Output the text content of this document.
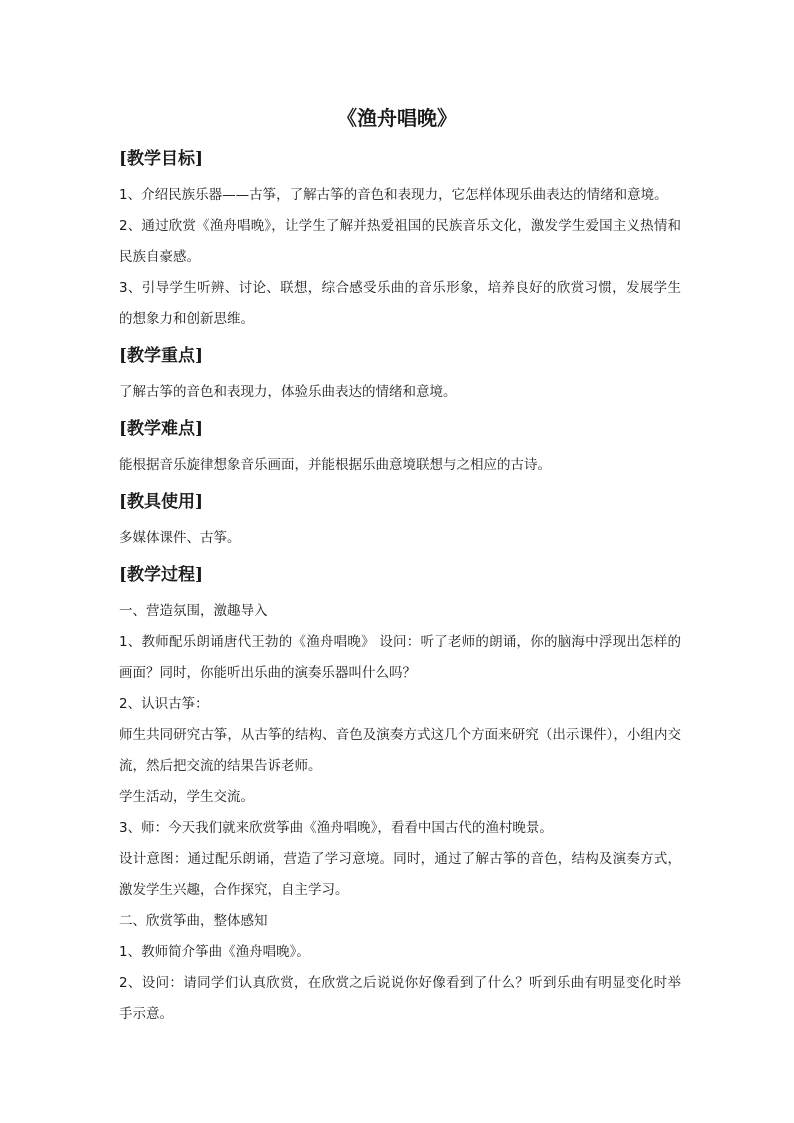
《渔舟唱晚》
[教学目标]

1、介绍民族乐器——古筝，了解古筝的音色和表现力，它怎样体现乐曲表达的情绪和意境。

2、通过欣赏《渔舟唱晚》，让学生了解并热爱祖国的民族音乐文化，激发学生爱国主义热情和民族自豪感。

3、引导学生听辨、讨论、联想，综合感受乐曲的音乐形象，培养良好的欣赏习惯，发展学生的想象力和创新思维。

[教学重点]

了解古筝的音色和表现力，体验乐曲表达的情绪和意境。

[教学难点]

能根据音乐旋律想象音乐画面，并能根据乐曲意境联想与之相应的古诗。

[教具使用]

多媒体课件、古筝。

[教学过程]

一、营造氛围，激趣导入

1、教师配乐朗诵唐代王勃的《渔舟唱晚》 设问：听了老师的朗诵，你的脑海中浮现出怎样的画面？同时，你能听出乐曲的演奏乐器叫什么吗？

2、认识古筝：

师生共同研究古筝，从古筝的结构、音色及演奏方式这几个方面来研究（出示课件），小组内交流，然后把交流的结果告诉老师。

学生活动，学生交流。

3、师：今天我们就来欣赏筝曲《渔舟唱晚》，看看中国古代的渔村晚景。

设计意图：通过配乐朗诵，营造了学习意境。同时，通过了解古筝的音色，结构及演奏方式，激发学生兴趣，合作探究，自主学习。

二、欣赏筝曲，整体感知

1、教师简介筝曲《渔舟唱晚》。

2、设问：请同学们认真欣赏，在欣赏之后说说你好像看到了什么？听到乐曲有明显变化时举手示意。
